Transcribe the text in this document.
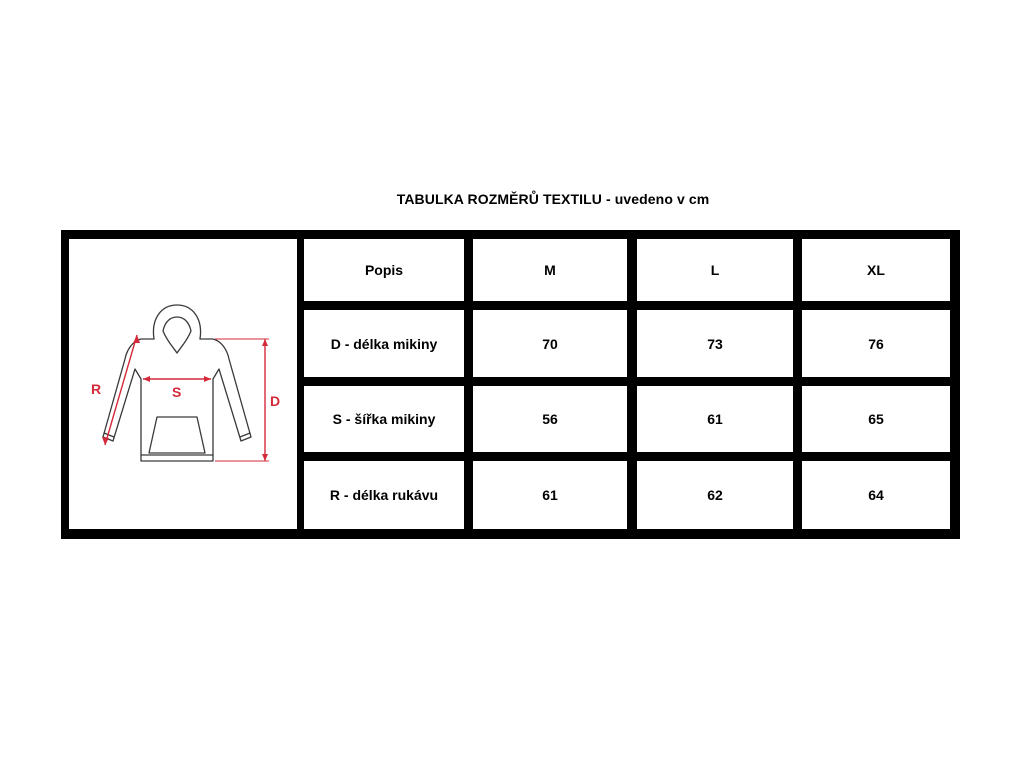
TABULKA ROZMĚRŮ TEXTILU - uvedeno v cm
R	S
D
Popis	M	L	XL
D - délka mikiny	70	73	76
S - šířka mikiny	56	61	65
R - délka rukávu	61	62	64
